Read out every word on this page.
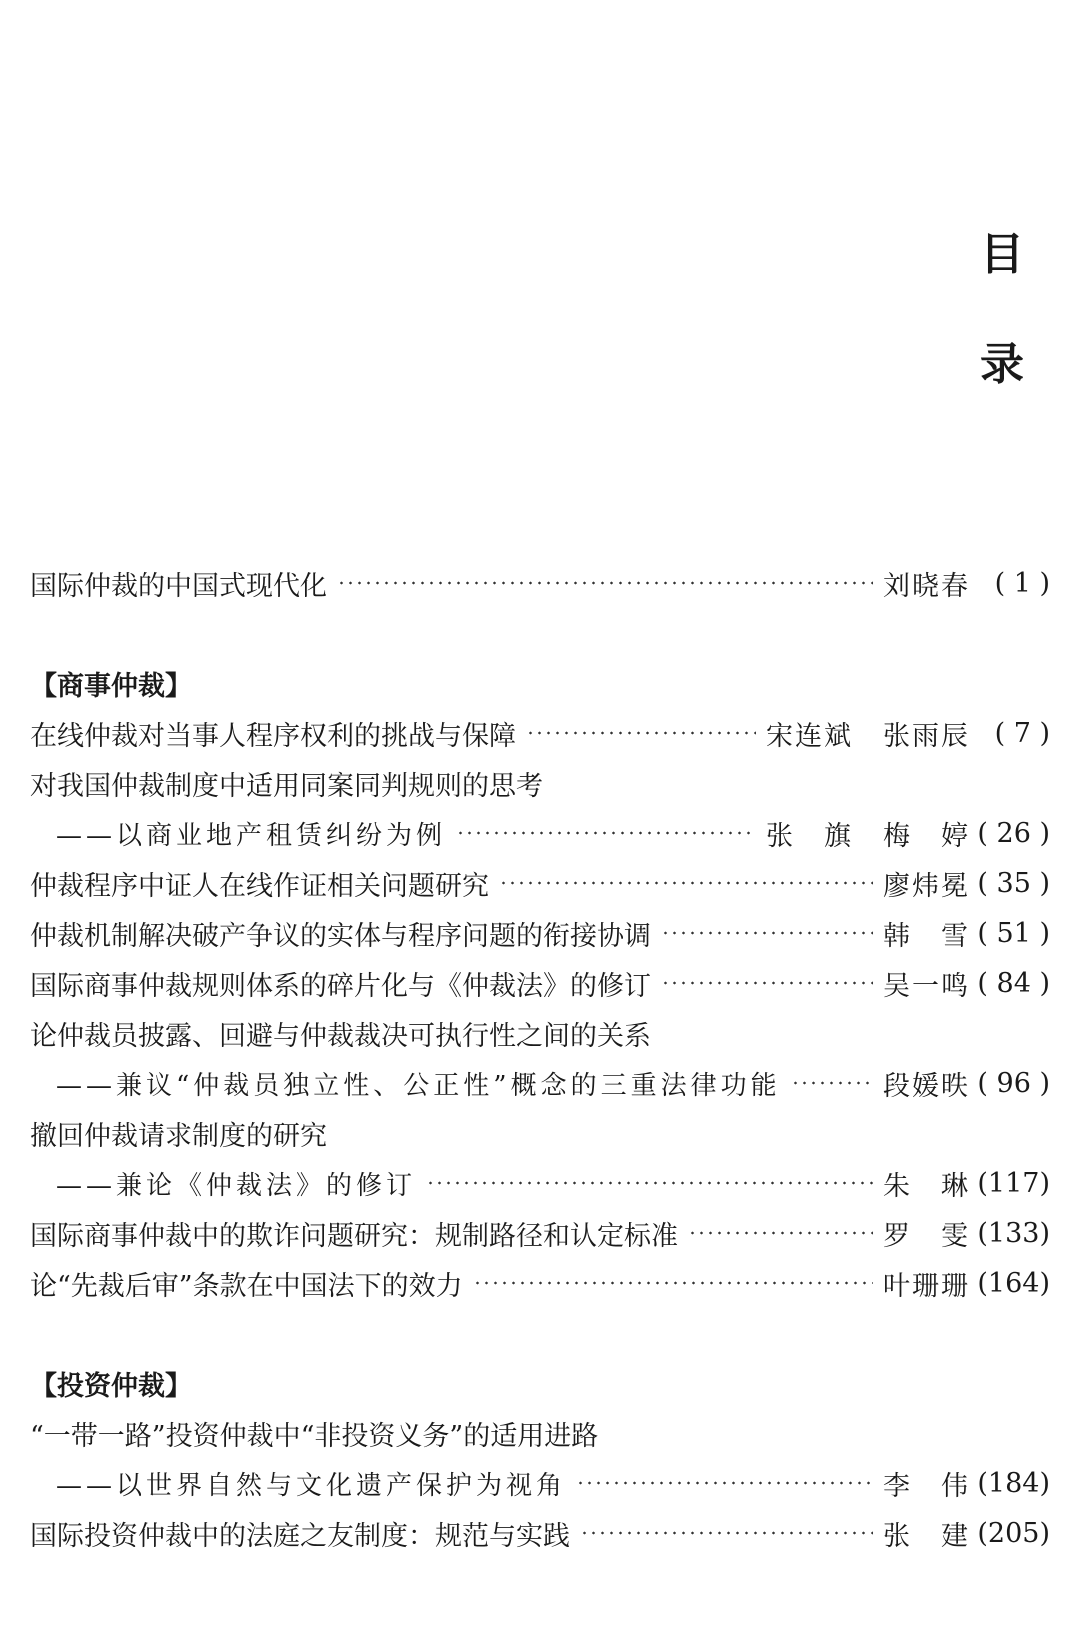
目
录
国际仲裁的中国式现代化	刘晓春 ( 1 )
【商事仲裁】
在线仲裁对当事人程序权利的挑战与保障	宋连斌 张雨辰 ( 7 )
对我国仲裁制度中适用同案同判规则的思考
——以商业地产租赁纠纷为例	张　旗 梅　婷 ( 26 )
仲裁程序中证人在线作证相关问题研究	廖炜冕 ( 35 )
仲裁机制解决破产争议的实体与程序问题的衔接协调	韩　雪 ( 51 )
国际商事仲裁规则体系的碎片化与《仲裁法》的修订	吴一鸣 ( 84 )
论仲裁员披露、回避与仲裁裁决可执行性之间的关系
——兼议“仲裁员独立性、公正性”概念的三重法律功能	段媛昳 ( 96 )
撤回仲裁请求制度的研究
——兼论《仲裁法》的修订	朱　琳 (117)
国际商事仲裁中的欺诈问题研究：规制路径和认定标准	罗　雯 (133)
论“先裁后审”条款在中国法下的效力	叶珊珊 (164)
【投资仲裁】
“一带一路”投资仲裁中“非投资义务”的适用进路
——以世界自然与文化遗产保护为视角	李　伟 (184)
国际投资仲裁中的法庭之友制度：规范与实践	张　建 (205)
